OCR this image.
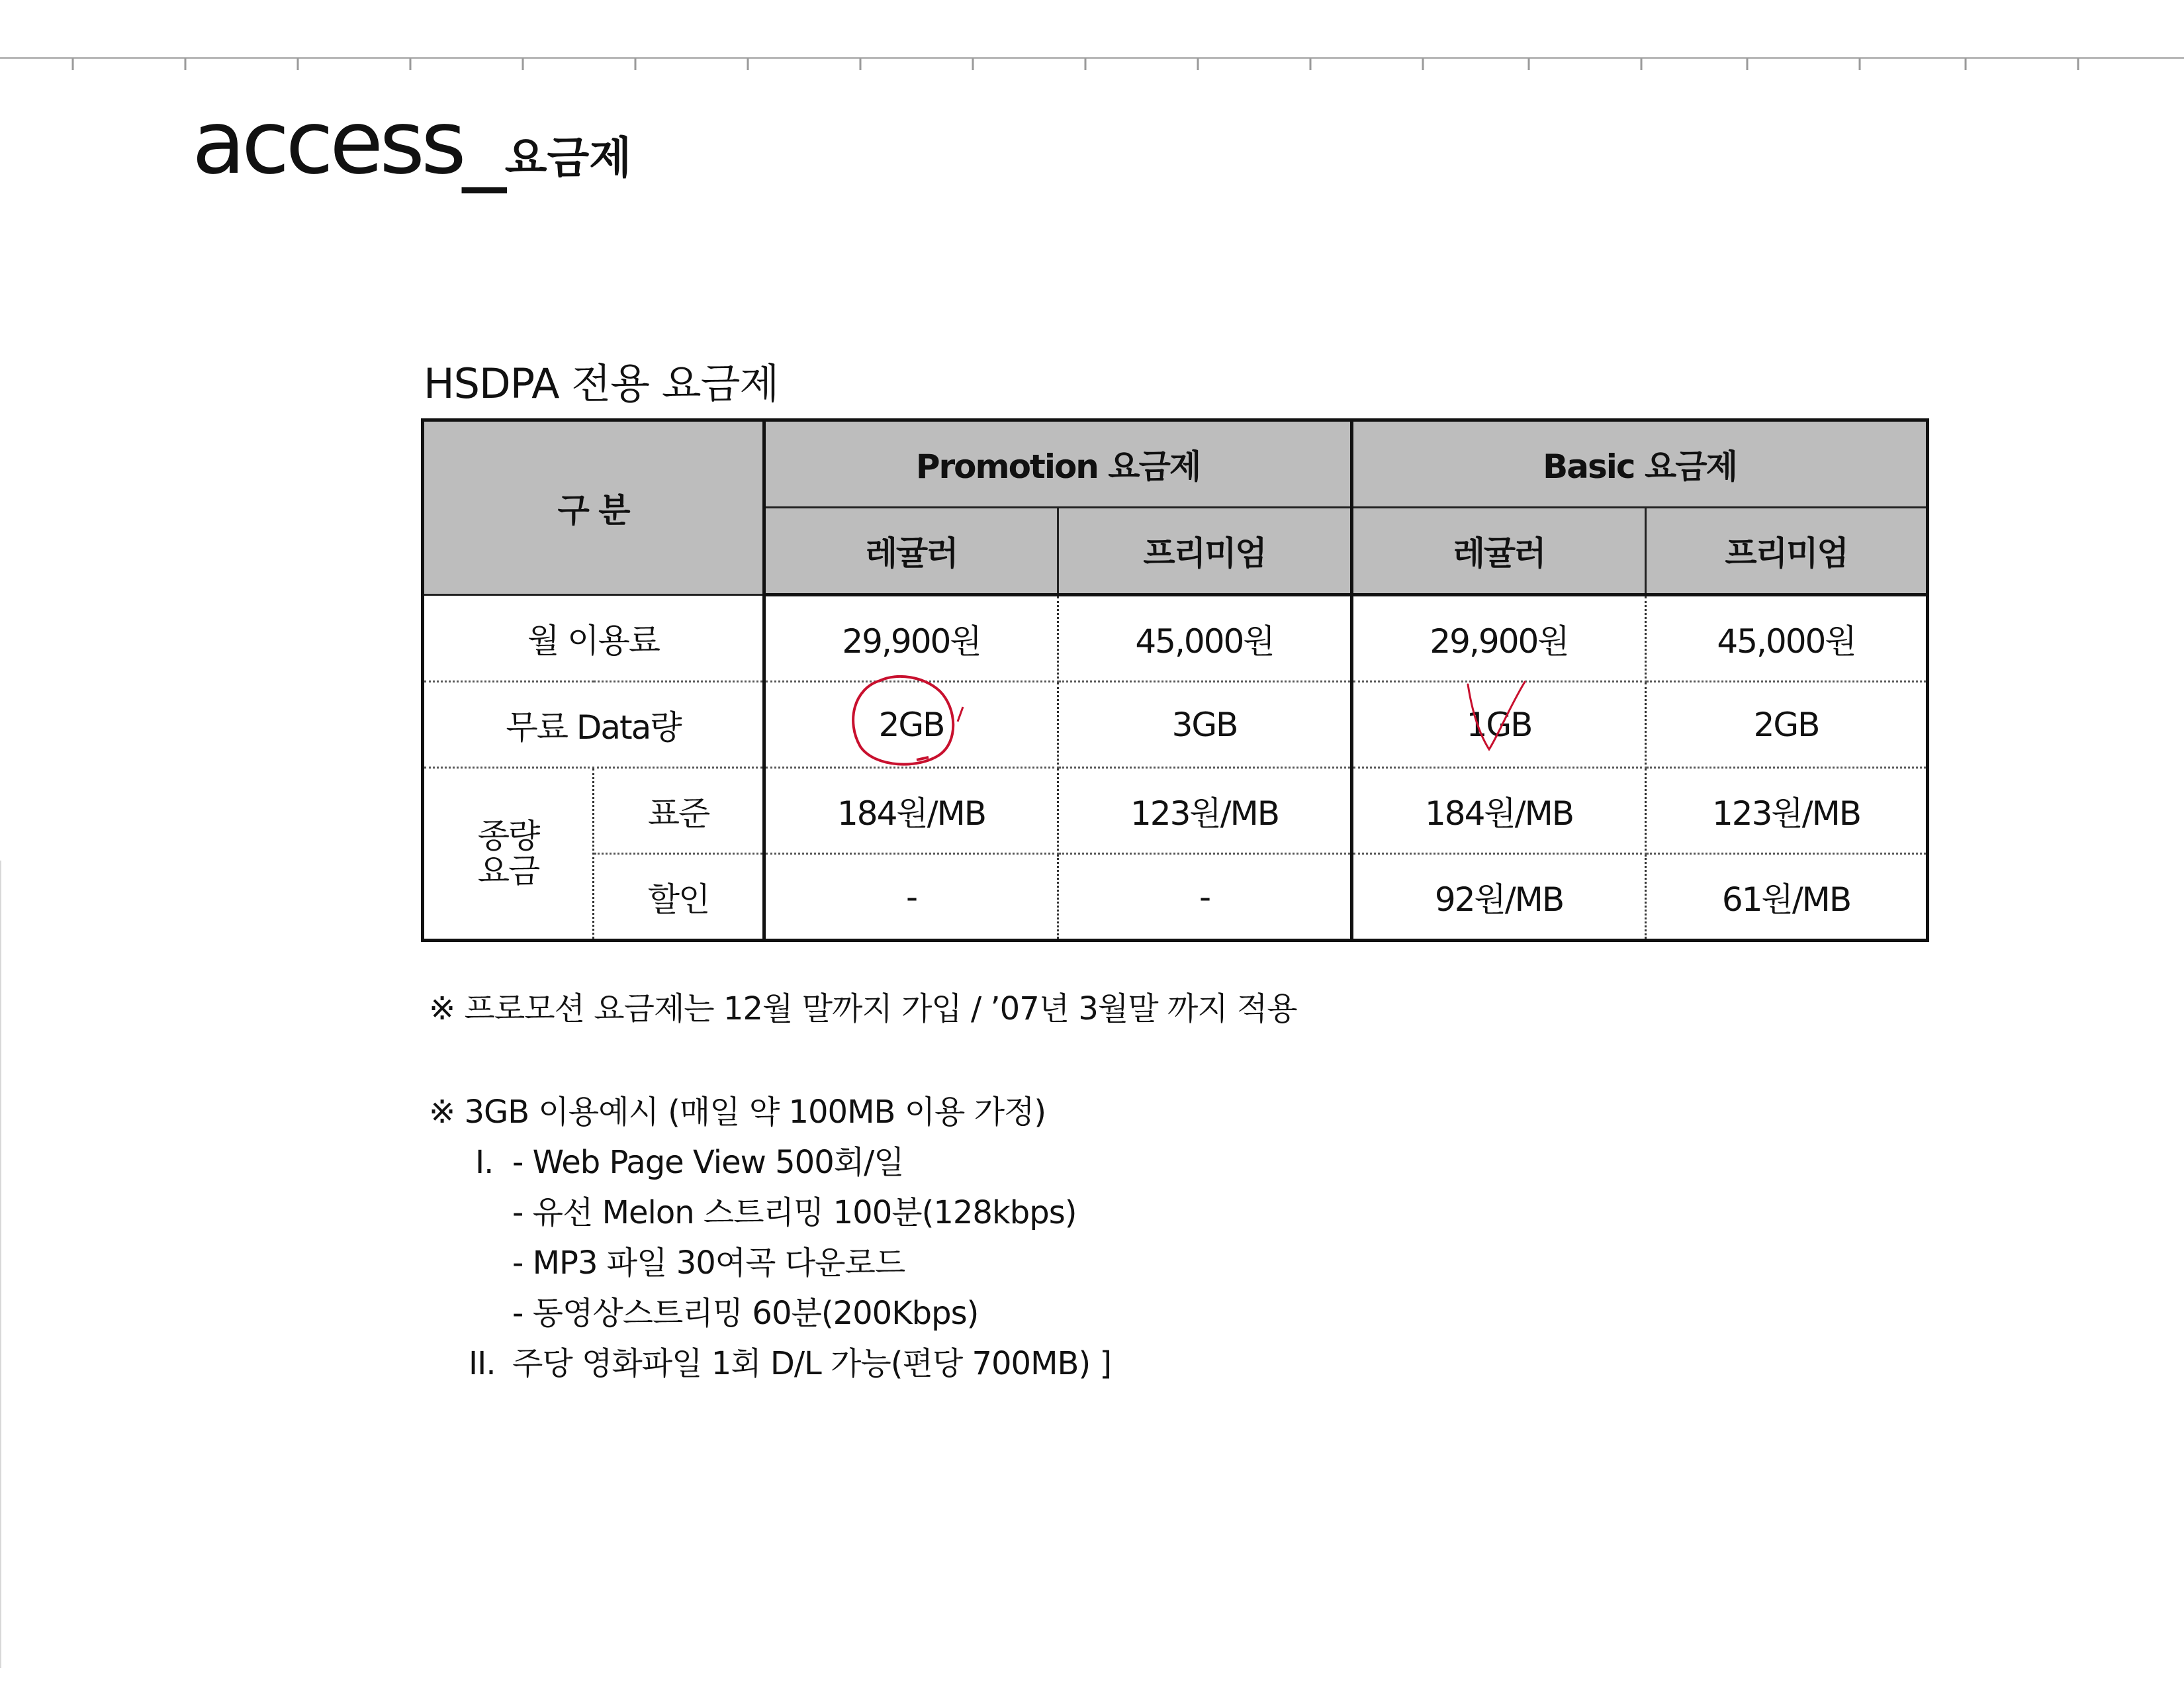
access_요금제
HSDPA 전용 요금제
구 분		Promotion 요금제		Basic 요금제	
		레귤러	프리미엄	레귤러	프리미엄
월 이용료		29,900원	45,000원	29,900원	45,000원
무료 Data량		2GB	3GB	1GB	2GB

종량
요금	표준	184원/MB	123원/MB	184원/MB	123원/MB
	할인	-	-	92원/MB	61원/MB
※ 프로모션 요금제는 12월 말까지 가입 / ’07년 3월말 까지 적용
※ 3GB 이용예시 (매일 약 100MB 이용 가정)
I. - Web Page View 500회/일
- 유선 Melon 스트리밍 100분(128kbps)
- MP3 파일 30여곡 다운로드
- 동영상스트리밍 60분(200Kbps)
II. 주당 영화파일 1회 D/L 가능(편당 700MB) ]
